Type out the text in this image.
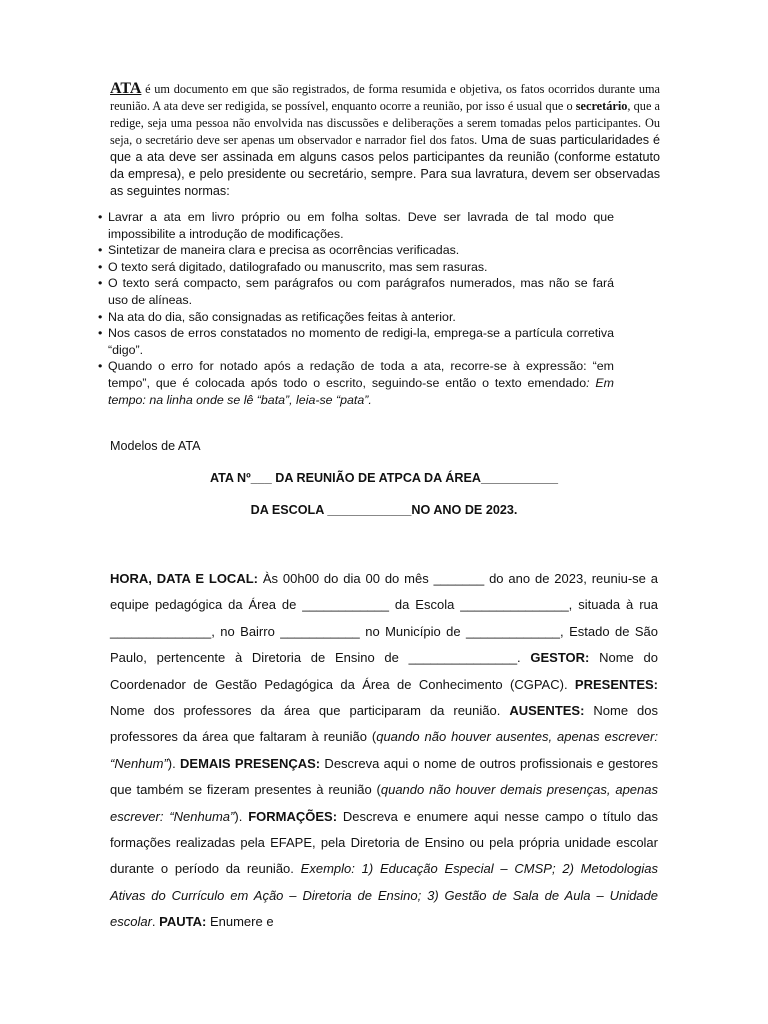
ATA é um documento em que são registrados, de forma resumida e objetiva, os fatos ocorridos durante uma reunião. A ata deve ser redigida, se possível, enquanto ocorre a reunião, por isso é usual que o secretário, que a redige, seja uma pessoa não envolvida nas discussões e deliberações a serem tomadas pelos participantes. Ou seja, o secretário deve ser apenas um observador e narrador fiel dos fatos. Uma de suas particularidades é que a ata deve ser assinada em alguns casos pelos participantes da reunião (conforme estatuto da empresa), e pelo presidente ou secretário, sempre. Para sua lavratura, devem ser observadas as seguintes normas:

• Lavrar a ata em livro próprio ou em folha soltas. Deve ser lavrada de tal modo que impossibilite a introdução de modificações.
• Sintetizar de maneira clara e precisa as ocorrências verificadas.
• O texto será digitado, datilografado ou manuscrito, mas sem rasuras.
• O texto será compacto, sem parágrafos ou com parágrafos numerados, mas não se fará uso de alíneas.
• Na ata do dia, são consignadas as retificações feitas à anterior.
• Nos casos de erros constatados no momento de redigi-la, emprega-se a partícula corretiva “digo”.
• Quando o erro for notado após a redação de toda a ata, recorre-se à expressão: “em tempo”, que é colocada após todo o escrito, seguindo-se então o texto emendado: Em tempo: na linha onde se lê “bata”, leia-se “pata”.

Modelos de ATA

ATA Nº___ DA REUNIÃO DE ATPCA DA ÁREA___________

DA ESCOLA ____________NO ANO DE 2023.

HORA, DATA E LOCAL: Às 00h00 do dia 00 do mês _______ do ano de 2023, reuniu-se a equipe pedagógica da Área de ____________ da Escola _______________, situada à rua ______________, no Bairro ___________ no Município de _____________, Estado de São Paulo, pertencente à Diretoria de Ensino de _______________. GESTOR: Nome do Coordenador de Gestão Pedagógica da Área de Conhecimento (CGPAC). PRESENTES: Nome dos professores da área que participaram da reunião. AUSENTES: Nome dos professores da área que faltaram à reunião (quando não houver ausentes, apenas escrever: “Nenhum”). DEMAIS PRESENÇAS: Descreva aqui o nome de outros profissionais e gestores que também se fizeram presentes à reunião (quando não houver demais presenças, apenas escrever: “Nenhuma”). FORMAÇÕES: Descreva e enumere aqui nesse campo o título das formações realizadas pela EFAPE, pela Diretoria de Ensino ou pela própria unidade escolar durante o período da reunião. Exemplo: 1) Educação Especial – CMSP; 2) Metodologias Ativas do Currículo em Ação – Diretoria de Ensino; 3) Gestão de Sala de Aula – Unidade escolar. PAUTA: Enumere e
